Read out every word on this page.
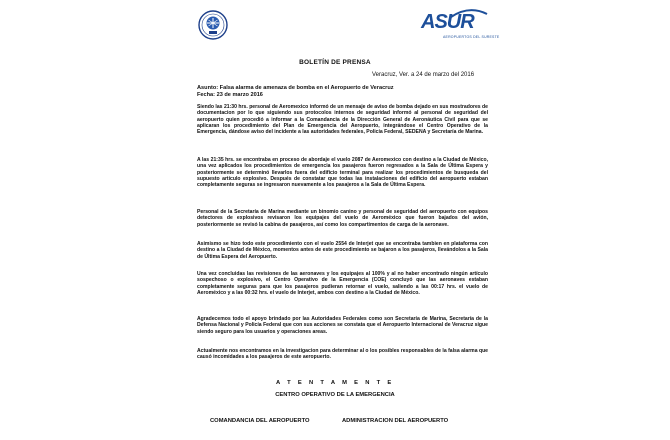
ASUR
AEROPUERTOS DEL SURESTE
BOLETÍN DE PRENSA
Veracruz, Ver. a 24 de marzo del 2016
Asunto: Falsa alarma de amenaza de bomba en el Aeropuerto de Veracruz
Fecha: 23 de marzo 2016

Siendo las 21:30 hrs. personal de Aeromexico informó de un mensaje de aviso de bomba dejado en sus mostradores de documentacion por lo que siguiendo sus protocolos internos de seguridad informó al personal de seguridad del aeropuerto quien procedió a informar a la Comandancia de la Dirección General de Aeronáutica Civil para que se aplicaran los procedimiento del Plan de Emergencia del Aeropuerto, integrándose el Centro Operativo de la Emergencia, dándose aviso del incidente a las autoridades federales, Policía Federal, SEDENA y Secretaría de Marina.

A las 21:35 hrs. se encontraba en proceso de abordaje el vuelo 2087 de Aeromexico con destino a la Ciudad de México, una vez aplicados los procedimientos de emergencia los pasajeros fueron regresados a la Sala de Última Espera y posteriormente se determinó llevarlos fuera del edificio terminal para realizar los procedimientos de busqueda del supuesto artículo explosivo. Después de constatar que todas las instalaciones del edificio del aeropuerto estaban completamente seguras se ingresaron nuevamente a los pasajeros a la Sala de Última Espera.

Personal de la Secretaría de Marina mediante un binomio canino y personal de seguridad del aeropuerto con equipos detectores de explosivos revisaron los equipajes del vuelo de Aeroméxico que fueron bajados del avión, posteriormente se revisó la cabina de pasajeros, así como los compartimentos de carga de la aeronave.

Asimismo se hizo todo este procedimiento con el vuelo 2554 de Interjet que se encontraba tambien en plataforma con destino a la Ciudad de México, momentos antes de este procedimiento se bajaron a los pasajeros, llevándolos a la Sala de Última Espera del Aeropuerto.

Una vez concluidas las revisiones de las aeronaves y los equipajes al 100% y al no haber encontrado ningún artículo sospechoso o explosivo, el Centro Operativo de la Emergencia (COE) concluyó que las aeronaves estaban completamente seguras para que los pasajeros pudieran retornar el vuelo, saliendo a las 00:17 hrs. el vuelo de Aeroméxico y a las 00:32 hrs. el vuelo de Interjet, ambos con destino a la Ciudad de México.

Agradecemos todo el apoyo brindado por las Autoridades Federales como son Secretaría de Marina, Secretaría de la Defensa Nacional y Policía Federal que con sus acciones se constata que el Aeropuerto Internacional de Veracruz sigue siendo seguro para los usuarios y operaciones areas.

Actualmente nos encontramos en la investigacion para determinar al o los posibles responsables de la falsa alarma que causó incomidades a los pasajeros de este aeropuerto.

A T E N T A M E N T E
CENTRO OPERATIVO DE LA EMERGENCIA
COMANDANCIA DEL AEROPUERTO	ADMINISTRACION DEL AEROPUERTO
